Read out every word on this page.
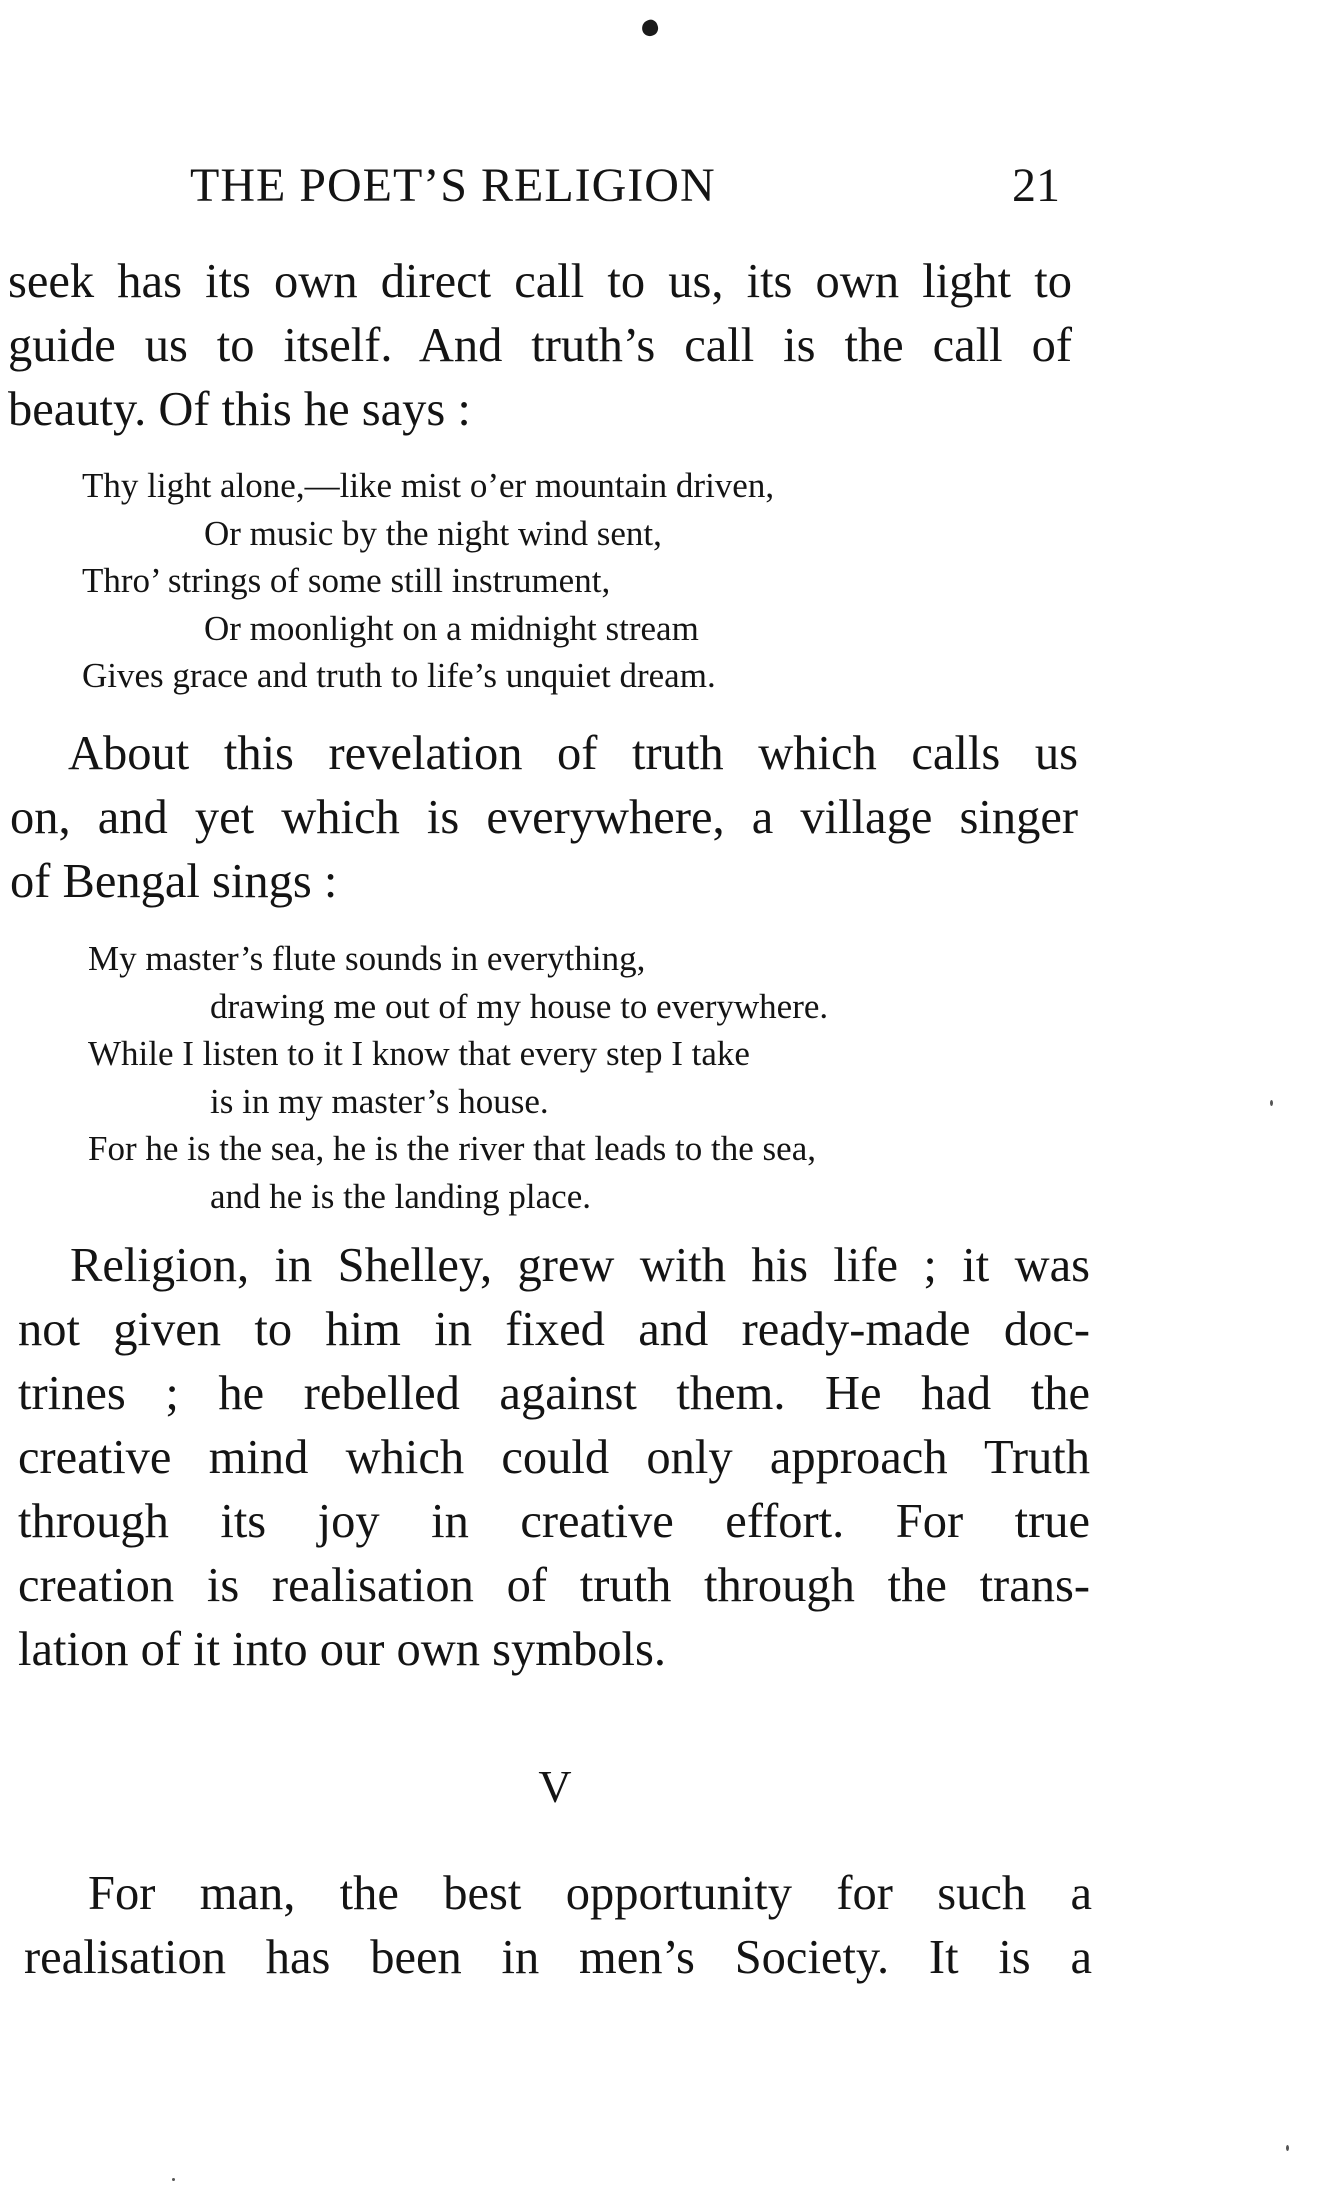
THE POET’S RELIGION	21
seek has its own direct call to us, its own light to
guide us to itself. And truth’s call is the call of
beauty. Of this he says :
Thy light alone,—like mist o’er mountain driven,
Or music by the night wind sent,
Thro’ strings of some still instrument,
Or moonlight on a midnight stream
Gives grace and truth to life’s unquiet dream.
About this revelation of truth which calls us
on, and yet which is everywhere, a village singer
of Bengal sings :
My master’s flute sounds in everything,
drawing me out of my house to everywhere.
While I listen to it I know that every step I take
is in my master’s house.
For he is the sea, he is the river that leads to the sea,
and he is the landing place.
Religion, in Shelley, grew with his life ; it was
not given to him in fixed and ready-made doc-
trines ; he rebelled against them. He had the
creative mind which could only approach Truth
through its joy in creative effort. For true
creation is realisation of truth through the trans-
lation of it into our own symbols.
V
For man, the best opportunity for such a
realisation has been in men’s Society. It is a
